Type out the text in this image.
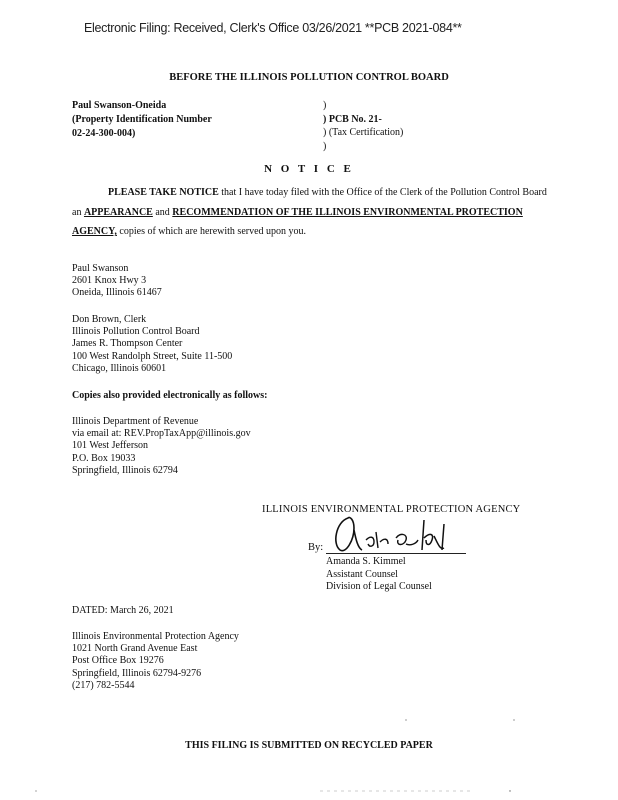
Electronic Filing: Received, Clerk's Office 03/26/2021 **PCB 2021-084**
BEFORE THE ILLINOIS POLLUTION CONTROL BOARD
Paul Swanson-Oneida
(Property Identification Number
02-24-300-004)
)
) PCB No. 21-
) (Tax Certification)
)
N O T I C E
PLEASE TAKE NOTICE that I have today filed with the Office of the Clerk of the Pollution Control Board an APPEARANCE and RECOMMENDATION OF THE ILLINOIS ENVIRONMENTAL PROTECTION AGENCY, copies of which are herewith served upon you.
Paul Swanson
2601 Knox Hwy 3
Oneida, Illinois 61467
Don Brown, Clerk
Illinois Pollution Control Board
James R. Thompson Center
100 West Randolph Street, Suite 11-500
Chicago, Illinois 60601
Copies also provided electronically as follows:
Illinois Department of Revenue
via email at: REV.PropTaxApp@illinois.gov
101 West Jefferson
P.O. Box 19033
Springfield, Illinois 62794
ILLINOIS ENVIRONMENTAL PROTECTION AGENCY
By:
Amanda S. Kimmel
Assistant Counsel
Division of Legal Counsel
DATED: March 26, 2021
Illinois Environmental Protection Agency
1021 North Grand Avenue East
Post Office Box 19276
Springfield, Illinois 62794-9276
(217) 782-5544
THIS FILING IS SUBMITTED ON RECYCLED PAPER
